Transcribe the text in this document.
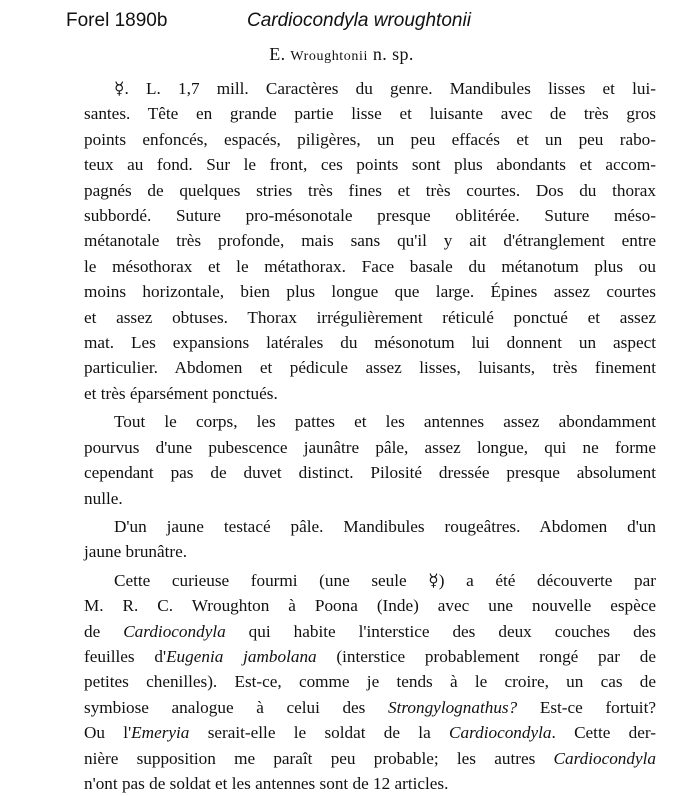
Forel 1890b	Cardiocondyla wroughtonii
E. Wroughtonii n. sp.

☿. L. 1,7 mill. Caractères du genre. Mandibules lisses et lui-
santes. Tête en grande partie lisse et luisante avec de très gros
points enfoncés, espacés, piligères, un peu effacés et un peu rabo-
teux au fond. Sur le front, ces points sont plus abondants et accom-
pagnés de quelques stries très fines et très courtes. Dos du thorax
subbordé. Suture pro-mésonotale presque oblitérée. Suture méso-
métanotale très profonde, mais sans qu'il y ait d'étranglement entre
le mésothorax et le métathorax. Face basale du métanotum plus ou
moins horizontale, bien plus longue que large. Épines assez courtes
et assez obtuses. Thorax irrégulièrement réticulé ponctué et assez
mat. Les expansions latérales du mésonotum lui donnent un aspect
particulier. Abdomen et pédicule assez lisses, luisants, très finement
et très éparsément ponctués.

Tout le corps, les pattes et les antennes assez abondamment
pourvus d'une pubescence jaunâtre pâle, assez longue, qui ne forme
cependant pas de duvet distinct. Pilosité dressée presque absolument
nulle.

D'un jaune testacé pâle. Mandibules rougeâtres. Abdomen d'un
jaune brunâtre.

Cette curieuse fourmi (une seule ☿) a été découverte par
M. R. C. Wroughton à Poona (Inde) avec une nouvelle espèce
de Cardiocondyla qui habite l'interstice des deux couches des
feuilles d'Eugenia jambolana (interstice probablement rongé par de
petites chenilles). Est-ce, comme je tends à le croire, un cas de
symbiose analogue à celui des Strongylognathus? Est-ce fortuit?
Ou l'Emeryia serait-elle le soldat de la Cardiocondyla. Cette der-
nière supposition me paraît peu probable; les autres Cardiocondyla
n'ont pas de soldat et les antennes sont de 12 articles.
